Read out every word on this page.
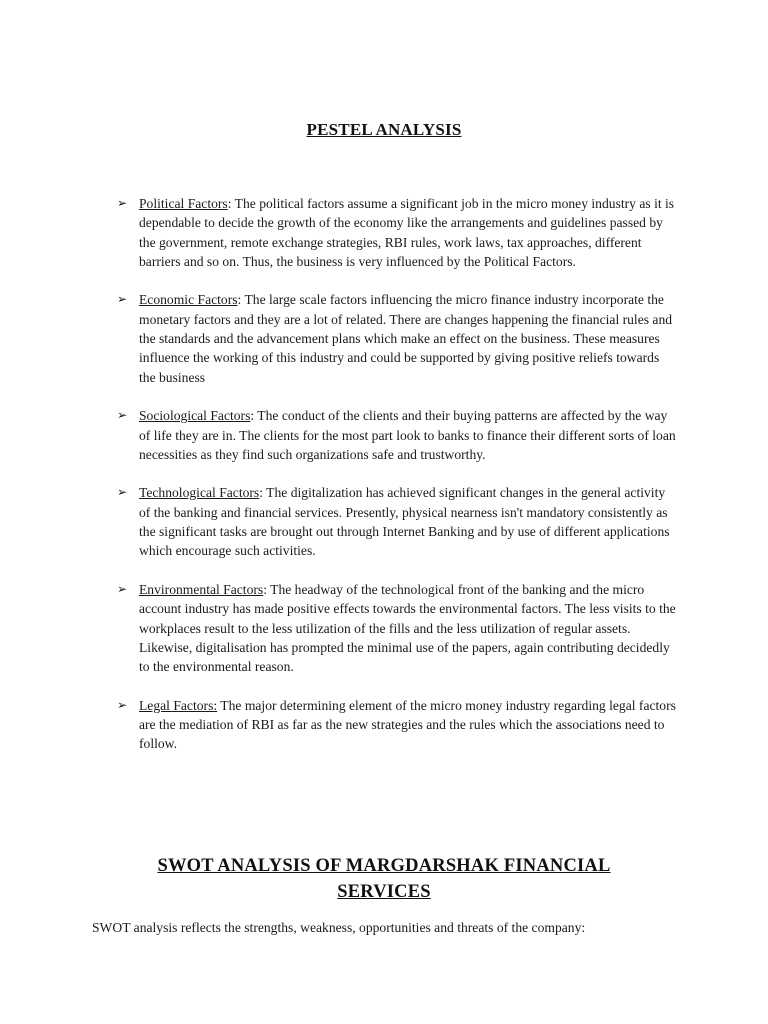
PESTEL ANALYSIS
➢ Political Factors: The political factors assume a significant job in the micro money industry as it is dependable to decide the growth of the economy like the arrangements and guidelines passed by the government, remote exchange strategies, RBI rules, work laws, tax approaches, different barriers and so on. Thus, the business is very influenced by the Political Factors.
➢ Economic Factors: The large scale factors influencing the micro finance industry incorporate the monetary factors and they are a lot of related. There are changes happening the financial rules and the standards and the advancement plans which make an effect on the business. These measures influence the working of this industry and could be supported by giving positive reliefs towards the business
➢ Sociological Factors: The conduct of the clients and their buying patterns are affected by the way of life they are in. The clients for the most part look to banks to finance their different sorts of loan necessities as they find such organizations safe and trustworthy.
➢ Technological Factors: The digitalization has achieved significant changes in the general activity of the banking and financial services. Presently, physical nearness isn't mandatory consistently as the significant tasks are brought out through Internet Banking and by use of different applications which encourage such activities.
➢ Environmental Factors: The headway of the technological front of the banking and the micro account industry has made positive effects towards the environmental factors. The less visits to the workplaces result to the less utilization of the fills and the less utilization of regular assets. Likewise, digitalisation has prompted the minimal use of the papers, again contributing decidedly to the environmental reason.
➢ Legal Factors: The major determining element of the micro money industry regarding legal factors are the mediation of RBI as far as the new strategies and the rules which the associations need to follow.
SWOT ANALYSIS OF MARGDARSHAK FINANCIAL
SERVICES

SWOT analysis reflects the strengths, weakness, opportunities and threats of the company:
